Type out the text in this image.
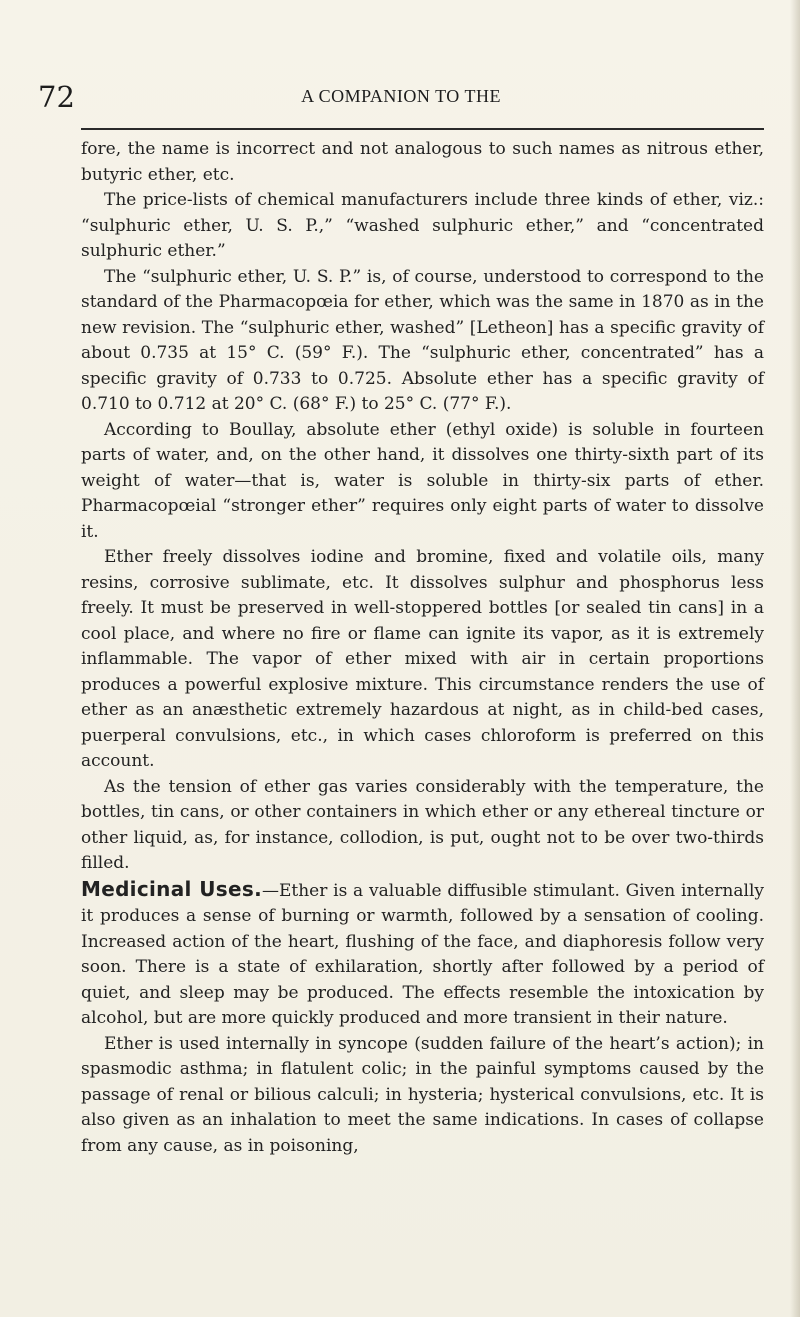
72	A COMPANION TO THE

fore, the name is incorrect and not analogous to such names as nitrous ether, butyric ether, etc.

The price-lists of chemical manufacturers include three kinds of ether, viz.: “sulphuric ether, U. S. P.,” “washed sulphuric ether,” and “concentrated sulphuric ether.”

The “sulphuric ether, U. S. P.” is, of course, understood to correspond to the standard of the Pharmacopœia for ether, which was the same in 1870 as in the new revision. The “sulphuric ether, washed” [Letheon] has a specific gravity of about 0.735 at 15° C. (59° F.). The “sulphuric ether, concentrated” has a specific gravity of 0.733 to 0.725. Absolute ether has a specific gravity of 0.710 to 0.712 at 20° C. (68° F.) to 25° C. (77° F.).

According to Boullay, absolute ether (ethyl oxide) is soluble in fourteen parts of water, and, on the other hand, it dissolves one thirty-sixth part of its weight of water—that is, water is soluble in thirty-six parts of ether. Pharmacopœial “stronger ether” requires only eight parts of water to dissolve it.

Ether freely dissolves iodine and bromine, fixed and volatile oils, many resins, corrosive sublimate, etc. It dissolves sulphur and phosphorus less freely. It must be preserved in well-stoppered bottles [or sealed tin cans] in a cool place, and where no fire or flame can ignite its vapor, as it is extremely inflammable. The vapor of ether mixed with air in certain proportions produces a powerful explosive mixture. This circumstance renders the use of ether as an anæsthetic extremely hazardous at night, as in child-bed cases, puerperal convulsions, etc., in which cases chloroform is preferred on this account.

As the tension of ether gas varies considerably with the temperature, the bottles, tin cans, or other containers in which ether or any ethereal tincture or other liquid, as, for instance, collodion, is put, ought not to be over two-thirds filled.

Medicinal Uses.—Ether is a valuable diffusible stimulant. Given internally it produces a sense of burning or warmth, followed by a sensation of cooling. Increased action of the heart, flushing of the face, and diaphoresis follow very soon. There is a state of exhilaration, shortly after followed by a period of quiet, and sleep may be produced. The effects resemble the intoxication by alcohol, but are more quickly produced and more transient in their nature.

Ether is used internally in syncope (sudden failure of the heart’s action); in spasmodic asthma; in flatulent colic; in the painful symptoms caused by the passage of renal or bilious calculi; in hysteria; hysterical convulsions, etc. It is also given as an inhalation to meet the same indications. In cases of collapse from any cause, as in poisoning,
